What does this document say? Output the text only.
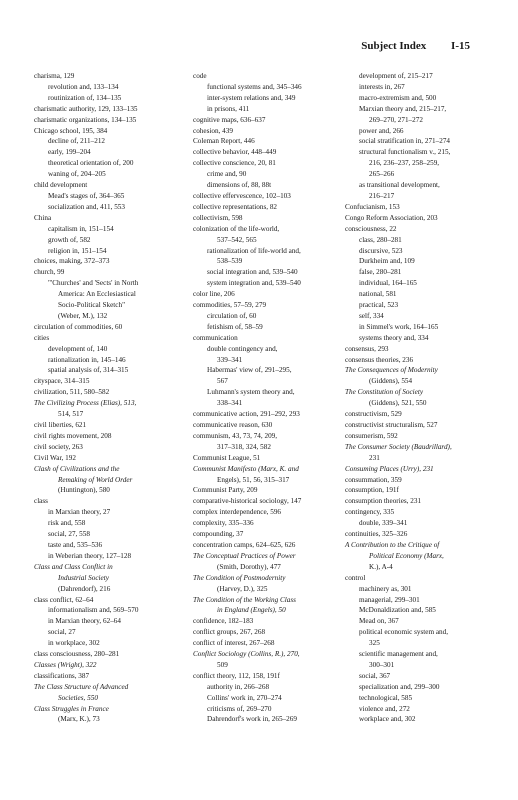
Subject Index I-15
charisma, 129
revolution and, 133–134
routinization of, 134–135
charismatic authority, 129, 133–135
charismatic organizations, 134–135
Chicago school, 195, 384
decline of, 211–212
early, 199–204
theoretical orientation of, 200
waning of, 204–205
child development
Mead's stages of, 364–365
socialization and, 411, 553
China
capitalism in, 151–154
growth of, 582
religion in, 151–154
choices, making, 372–373
church, 99
"'Churches' and 'Sects' in North
America: An Ecclesiastical
Socio-Political Sketch"
(Weber, M.), 132
circulation of commodities, 60
cities
development of, 140
rationalization in, 145–146
spatial analysis of, 314–315
cityspace, 314–315
civilization, 511, 580–582
The Civilizing Process (Elias), 513,
514, 517
civil liberties, 621
civil rights movement, 208
civil society, 263
Civil War, 192
Clash of Civilizations and the
Remaking of World Order
(Huntington), 580
class
in Marxian theory, 27
risk and, 558
social, 27, 558
taste and, 535–536
in Weberian theory, 127–128
Class and Class Conflict in
Industrial Society
(Dahrendorf), 216
class conflict, 62–64
informationalism and, 569–570
in Marxian theory, 62–64
social, 27
in workplace, 302
class consciousness, 280–281
Classes (Wright), 322
classifications, 387
The Class Structure of Advanced
Societies, 550
Class Struggles in France
(Marx, K.), 73
code
functional systems and, 345–346
inter-system relations and, 349
in prisons, 411
cognitive maps, 636–637
cohesion, 439
Coleman Report, 446
collective behavior, 448–449
collective conscience, 20, 81
crime and, 90
dimensions of, 88, 88t
collective effervescence, 102–103
collective representations, 82
collectivism, 598
colonization of the life-world,
537–542, 565
rationalization of life-world and,
538–539
social integration and, 539–540
system integration and, 539–540
color line, 206
commodities, 57–59, 279
circulation of, 60
fetishism of, 58–59
communication
double contingency and,
339–341
Habermas' view of, 291–295,
567
Luhmann's system theory and,
338–341
communicative action, 291–292, 293
communicative reason, 630
communism, 43, 73, 74, 209,
317–318, 324, 582
Communist League, 51
Communist Manifesto (Marx, K. and
Engels), 51, 56, 315–317
Communist Party, 209
comparative-historical sociology, 147
complex interdependence, 596
complexity, 335–336
compounding, 37
concentration camps, 624–625, 626
The Conceptual Practices of Power
(Smith, Dorothy), 477
The Condition of Postmodernity
(Harvey, D.), 325
The Condition of the Working Class
in England (Engels), 50
confidence, 182–183
conflict groups, 267, 268
conflict of interest, 267–268
Conflict Sociology (Collins, R.), 270,
509
conflict theory, 112, 158, 191f
authority in, 266–268
Collins' work in, 270–274
criticisms of, 269–270
Dahrendorf's work in, 265–269
development of, 215–217
interests in, 267
macro-extremism and, 500
Marxian theory and, 215–217,
269–270, 271–272
power and, 266
social stratification in, 271–274
structural functionalism v., 215,
216, 236–237, 258–259,
265–266
as transitional development,
216–217
Confucianism, 153
Congo Reform Association, 203
consciousness, 22
class, 280–281
discursive, 523
Durkheim and, 109
false, 280–281
individual, 164–165
national, 581
practical, 523
self, 334
in Simmel's work, 164–165
systems theory and, 334
consensus, 293
consensus theories, 236
The Consequences of Modernity
(Giddens), 554
The Constitution of Society
(Giddens), 521, 550
constructivism, 529
constructivist structuralism, 527
consumerism, 592
The Consumer Society (Baudrillard),
231
Consuming Places (Urry), 231
consummation, 359
consumption, 191f
consumption theories, 231
contingency, 335
double, 339–341
continuities, 325–326
A Contribution to the Critique of
Political Economy (Marx,
K.), A-4
control
machinery as, 301
managerial, 299–301
McDonaldization and, 585
Mead on, 367
political economic system and,
325
scientific management and,
300–301
social, 367
specialization and, 299–300
technological, 585
violence and, 272
workplace and, 302
